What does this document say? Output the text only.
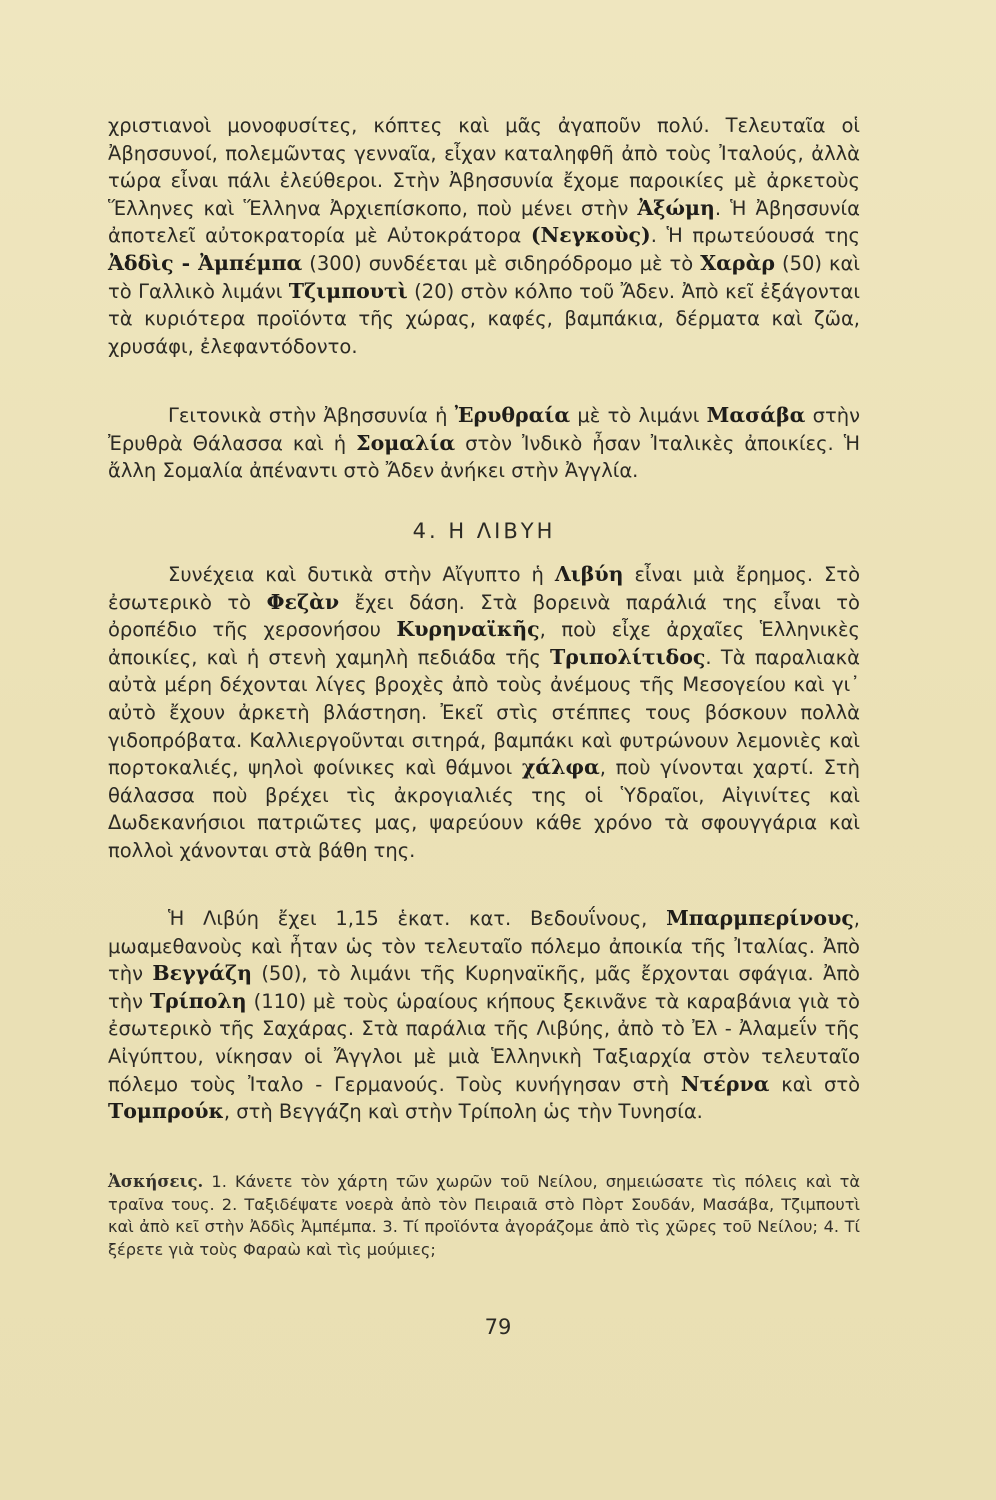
χριστιανοὶ μονοφυσίτες, κόπτες καὶ μᾶς ἀγαποῦν πολύ. Τελευταῖα οἱ Ἀβησσυνοί, πολεμῶντας γενναῖα, εἶχαν καταληφθῆ ἀπὸ τοὺς Ἰταλούς, ἀλλὰ τώρα εἶναι πάλι ἐλεύθεροι. Στὴν Ἀβησσυνία ἔχομε παροικίες μὲ ἀρκετοὺς Ἕλληνες καὶ Ἕλληνα Ἀρχιεπίσκοπο, ποὺ μένει στὴν Ἀξώμη. Ἡ Ἀβησσυνία ἀποτελεῖ αὐτοκρατορία μὲ Αὐτοκράτορα (Νεγκοὺς). Ἡ πρωτεύουσά της Ἀδδὶς - Ἀμπέμπα (300) συνδέεται μὲ σιδηρόδρομο μὲ τὸ Χαρὰρ (50) καὶ τὸ Γαλλικὸ λιμάνι Τζιμπουτὶ (20) στὸν κόλπο τοῦ Ἄδεν. Ἀπὸ κεῖ ἐξάγονται τὰ κυριότερα προϊόντα τῆς χώρας, καφές, βαμπάκια, δέρματα καὶ ζῶα, χρυσάφι, ἐλεφαντόδοντο.

Γειτονικὰ στὴν Ἀβησσυνία ἡ Ἐρυθραία μὲ τὸ λιμάνι Μασάβα στὴν Ἐρυθρὰ Θάλασσα καὶ ἡ Σομαλία στὸν Ἰνδικὸ ἦσαν Ἰταλικὲς ἀποικίες. Ἡ ἄλλη Σομαλία ἀπέναντι στὸ Ἄδεν ἀνήκει στὴν Ἀγγλία.

4. Η ΛΙΒΥΗ

Συνέχεια καὶ δυτικὰ στὴν Αἴγυπτο ἡ Λιβύη εἶναι μιὰ ἔρημος. Στὸ ἐσωτερικὸ τὸ Φεζὰν ἔχει δάση. Στὰ βορεινὰ παράλιά της εἶναι τὸ ὀροπέδιο τῆς χερσονήσου Κυρηναϊκῆς, ποὺ εἶχε ἀρχαῖες Ἑλληνικὲς ἀποικίες, καὶ ἡ στενὴ χαμηλὴ πεδιάδα τῆς Τριπολίτιδος. Τὰ παραλιακὰ αὐτὰ μέρη δέχονται λίγες βροχὲς ἀπὸ τοὺς ἀνέμους τῆς Μεσογείου καὶ γι᾿ αὐτὸ ἔχουν ἀρκετὴ βλάστηση. Ἐκεῖ στὶς στέππες τους βόσκουν πολλὰ γιδοπρόβατα. Καλλιεργοῦνται σιτηρά, βαμπάκι καὶ φυτρώνουν λεμονιὲς καὶ πορτοκαλιές, ψηλοὶ φοίνικες καὶ θάμνοι χάλφα, ποὺ γίνονται χαρτί. Στὴ θάλασσα ποὺ βρέχει τὶς ἀκρογιαλιές της οἱ Ὑδραῖοι, Αἰγινίτες καὶ Δωδεκανήσιοι πατριῶτες μας, ψαρεύουν κάθε χρόνο τὰ σφουγγάρια καὶ πολλοὶ χάνονται στὰ βάθη της.

Ἡ Λιβύη ἔχει 1,15 ἑκατ. κατ. Βεδουΐνους, Μπαρμπερίνους, μωαμεθανοὺς καὶ ἦταν ὡς τὸν τελευταῖο πόλεμο ἀποικία τῆς Ἰταλίας. Ἀπὸ τὴν Βεγγάζη (50), τὸ λιμάνι τῆς Κυρηναϊκῆς, μᾶς ἔρχονται σφάγια. Ἀπὸ τὴν Τρίπολη (110) μὲ τοὺς ὡραίους κήπους ξεκινᾶνε τὰ καραβάνια γιὰ τὸ ἐσωτερικὸ τῆς Σαχάρας. Στὰ παράλια τῆς Λιβύης, ἀπὸ τὸ Ἐλ - Ἀλαμεΐν τῆς Αἰγύπτου, νίκησαν οἱ Ἄγγλοι μὲ μιὰ Ἑλληνικὴ Ταξιαρχία στὸν τελευταῖο πόλεμο τοὺς Ἰταλο - Γερμανούς. Τοὺς κυνήγησαν στὴ Ντέρνα καὶ στὸ Τομπρούκ, στὴ Βεγγάζη καὶ στὴν Τρίπολη ὡς τὴν Τυνησία.

Ἀσκήσεις. 1. Κάνετε τὸν χάρτη τῶν χωρῶν τοῦ Νείλου, σημειώσατε τὶς πόλεις καὶ τὰ τραῖνα τους. 2. Ταξιδέψατε νοερὰ ἀπὸ τὸν Πειραιᾶ στὸ Πὸρτ Σουδάν, Μασάβα, Τζιμπουτὶ καὶ ἀπὸ κεῖ στὴν Ἀδδὶς Ἀμπέμπα. 3. Τί προϊόντα ἀγοράζομε ἀπὸ τὶς χῶρες τοῦ Νείλου; 4. Τί ξέρετε γιὰ τοὺς Φαραὼ καὶ τὶς μούμιες;

79
